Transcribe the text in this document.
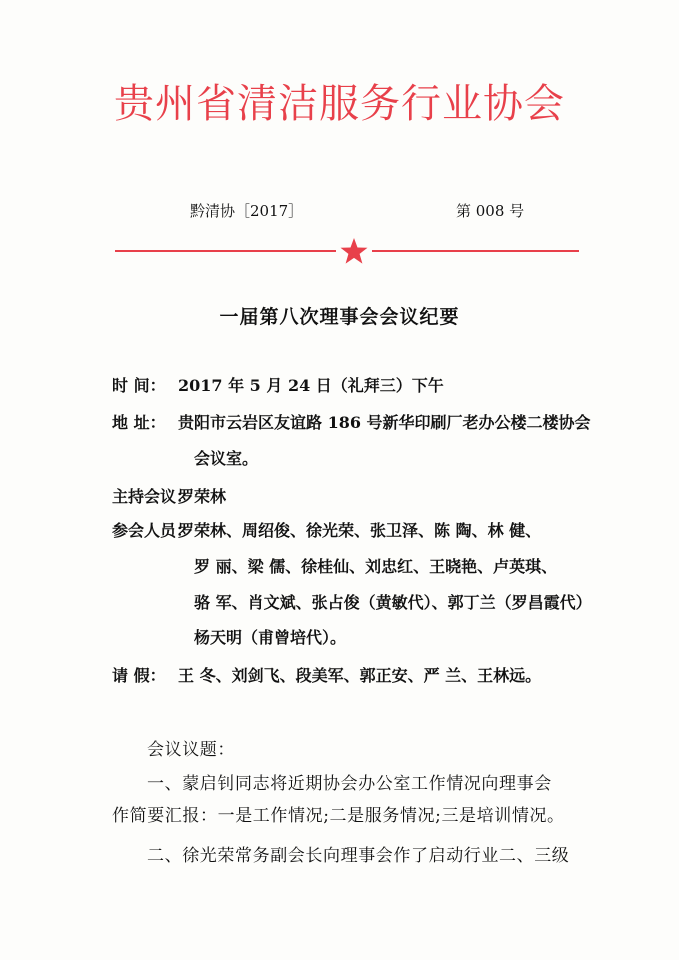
贵州省清洁服务行业协会
黔清协［2017］	第 008 号
一届第八次理事会会议纪要
时 间： 2017 年 5 月 24 日（礼拜三）下午
地 址： 贵阳市云岩区友谊路 186 号新华印刷厂老办公楼二楼协会
会议室。
主持会议：
罗荣林
参会人员：
罗荣林、周绍俊、徐光荣、张卫泽、陈 陶、林 健、
罗 丽、梁 儒、徐桂仙、刘忠红、王晓艳、卢英琪、
骆 军、肖文斌、张占俊（黄敏代）、郭丁兰（罗昌霞代）
杨天明（甫曾培代）。
请 假： 王 冬、刘剑飞、段美军、郭正安、严 兰、王林远。
会议议题：
一、蒙启钊同志将近期协会办公室工作情况向理事会
作简要汇报：一是工作情况;二是服务情况;三是培训情况。
二、徐光荣常务副会长向理事会作了启动行业二、三级
